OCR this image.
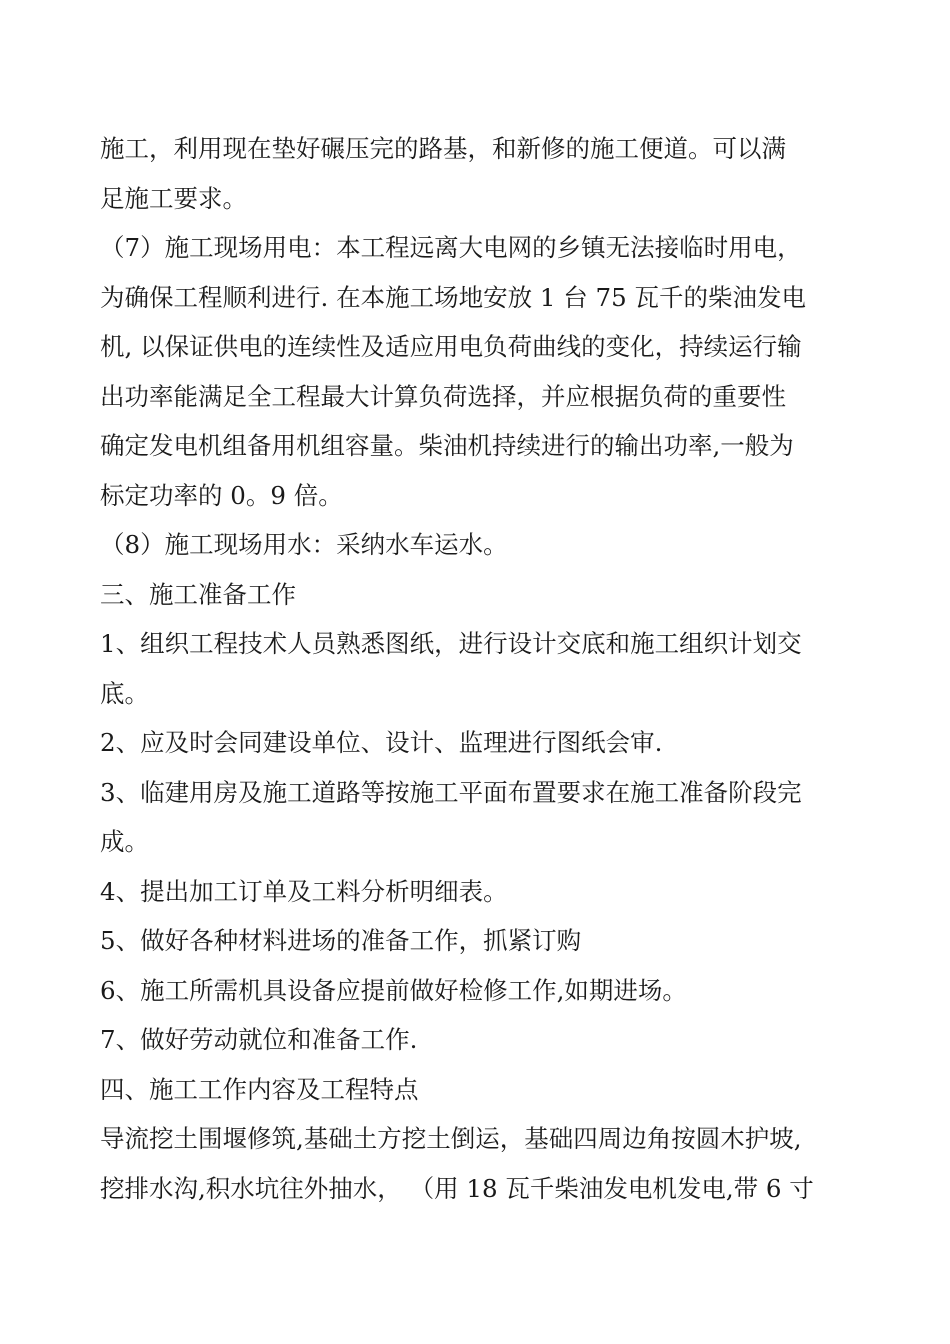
施工，利用现在垫好碾压完的路基，和新修的施工便道。可以满
足施工要求。
（7）施工现场用电：本工程远离大电网的乡镇无法接临时用电，
为确保工程顺利进行. 在本施工场地安放 1 台 75 瓦千的柴油发电
机, 以保证供电的连续性及适应用电负荷曲线的变化，持续运行输
出功率能满足全工程最大计算负荷选择，并应根据负荷的重要性
确定发电机组备用机组容量。柴油机持续进行的输出功率,一般为
标定功率的 0。9 倍。
（8）施工现场用水：采纳水车运水。
三、施工准备工作
1、组织工程技术人员熟悉图纸，进行设计交底和施工组织计划交
底。
2、应及时会同建设单位、设计、监理进行图纸会审.
3、临建用房及施工道路等按施工平面布置要求在施工准备阶段完
成。
4、提出加工订单及工料分析明细表。
5、做好各种材料进场的准备工作，抓紧订购
6、施工所需机具设备应提前做好检修工作,如期进场。
7、做好劳动就位和准备工作.
四、施工工作内容及工程特点
导流挖土围堰修筑,基础土方挖土倒运，基础四周边角按圆木护坡,
挖排水沟,积水坑往外抽水， （用 18 瓦千柴油发电机发电,带 6 寸
